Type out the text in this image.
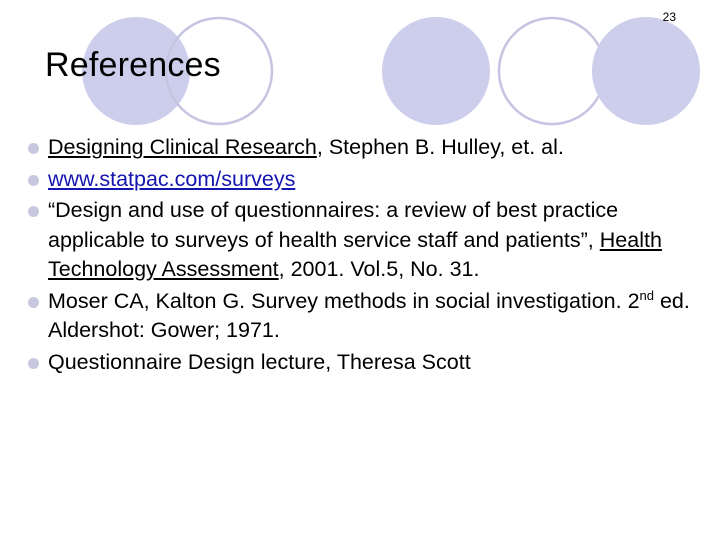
23
References
Designing Clinical Research, Stephen B. Hulley, et. al.
www.statpac.com/surveys
“Design and use of questionnaires: a review of best practice applicable to surveys of health service staff and patients”, Health Technology Assessment, 2001. Vol.5, No. 31.
Moser CA, Kalton G. Survey methods in social investigation. 2nd ed. Aldershot: Gower; 1971.
Questionnaire Design lecture, Theresa Scott
